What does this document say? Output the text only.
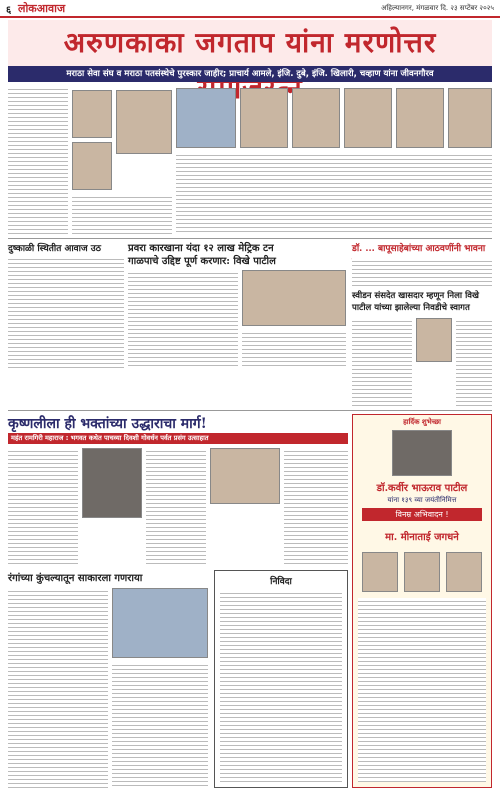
६ लोकआवाज	अहिल्यानगर, मंगळवार दि. २३ सप्टेंबर २०२५
अरुणकाका जगताप यांना मरणोत्तर
मराठा सेवा संघ व मराठा पतसंस्थेचे पुरस्कार जाहीर; प्राचार्य आमले, इंजि. दुबे, इंजि. खिलारी, चव्हाण यांना जीवनगौरव
दुष्काळी स्थितीत आवाज उठ	प्रवरा कारखाना यंदा १२ लाख मेट्रिक टन
गाळपाचे उद्दिष्ट पूर्ण करणार: विखे पाटील
डॉ. ... बापूसाहेबांच्या आठवणींनी भावना
स्वीडन संसदेत खासदार म्हणून निला विखे
पाटील यांच्या झालेल्या निवडीचे स्वागत
कृष्णलीला ही भक्तांच्या उद्धाराचा मार्ग!
महंत रामगिरी महाराज : भगवत कथेत पाचव्या दिवशी गोवर्धन पर्वत प्रसंग उत्साहात
रंगांच्या कुंचल्यातून साकारला गणराया	निविदा
हार्दिक शुभेच्छा
डॉ.कर्वीर भाऊराव पाटील
यांना १३९ व्या जयंतीनिमित्त
विनम्र अभिवादन !
मा. मीनाताई जगधने
